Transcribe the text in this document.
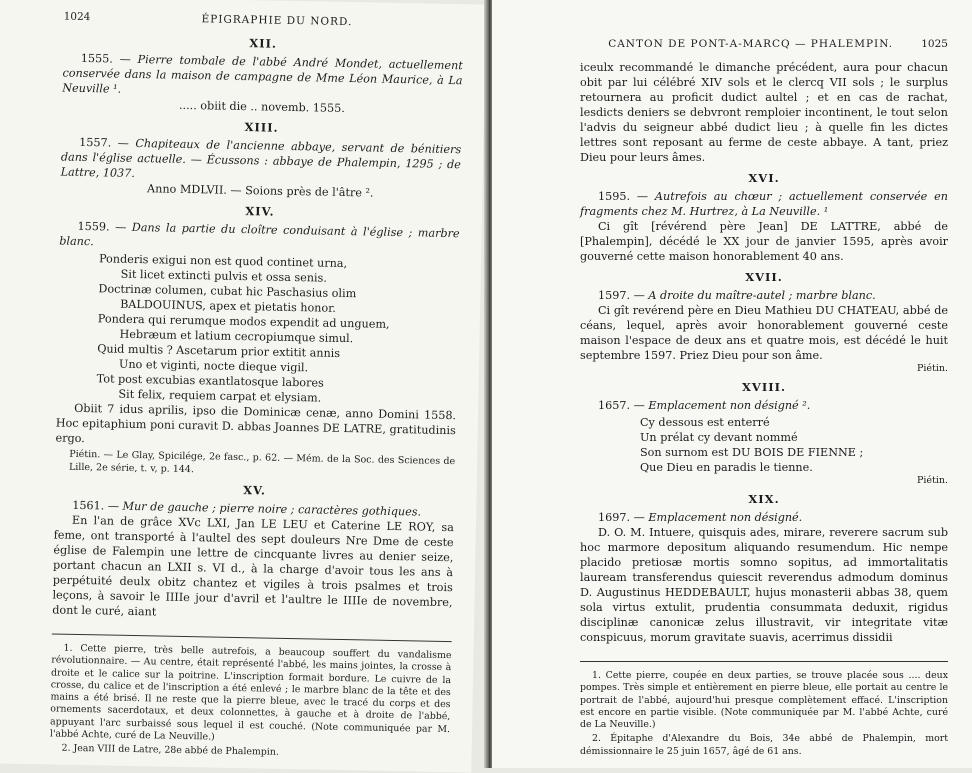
1024	ÉPIGRAPHIE DU NORD.
XII.

1555. — Pierre tombale de l'abbé André Mondet, actuellement conservée dans la maison de campagne de Mme Léon Maurice, à La Neuville ¹.

..... obiit die .. novemb. 1555.

XIII.

1557. — Chapiteaux de l'ancienne abbaye, servant de bénitiers dans l'église actuelle. — Écussons : abbaye de Phalempin, 1295 ; de Lattre, 1037.

Anno MDLVII. — Soions près de l'âtre ².

XIV.

1559. — Dans la partie du cloître conduisant à l'église ; marbre blanc.

Ponderis exigui non est quod continet urna,
Sit licet extincti pulvis et ossa senis.
Doctrinæ columen, cubat hic Paschasius olim
BALDOUINUS, apex et pietatis honor.
Pondera qui rerumque modos expendit ad unguem,
Hebræum et latium cecropiumque simul.
Quid multis ? Ascetarum prior extitit annis
Uno et viginti, nocte dieque vigil.
Tot post excubias exantlatosque labores
Sit felix, requiem carpat et elysiam.

Obiit 7 idus aprilis, ipso die Dominicæ cenæ, anno Domini 1558. Hoc epitaphium poni curavit D. abbas Joannes DE LATRE, gratitudinis ergo.

Piétin. — Le Glay, Spicilége, 2e fasc., p. 62. — Mém. de la Soc. des Sciences de Lille, 2e série, t. v, p. 144.

XV.

1561. — Mur de gauche ; pierre noire ; caractères gothiques.

En l'an de grâce XVc LXI, Jan LE LEU et Caterine LE ROY, sa feme, ont transporté à l'aultel des sept douleurs Nre Dme de ceste église de Falempin une lettre de cincquante livres au denier seize, portant chacun an LXII s. VI d., à la charge d'avoir tous les ans à perpétuité deulx obitz chantez et vigiles à trois psalmes et trois leçons, à savoir le IIIIe jour d'avril et l'aultre le IIIIe de novembre, dont le curé, aiant

1. Cette pierre, très belle autrefois, a beaucoup souffert du vandalisme révolutionnaire. — Au centre, était représenté l'abbé, les mains jointes, la crosse à droite et le calice sur la poitrine. L'inscription formait bordure. Le cuivre de la crosse, du calice et de l'inscription a été enlevé ; le marbre blanc de la tête et des mains a été brisé. Il ne reste que la pierre bleue, avec le tracé du corps et des ornements sacerdotaux, et deux colonnettes, à gauche et à droite de l'abbé, appuyant l'arc surbaissé sous lequel il est couché. (Note communiquée par M. l'abbé Achte, curé de La Neuville.)

2. Jean VIII de Latre, 28e abbé de Phalempin.

CANTON DE PONT-A-MARCQ — PHALEMPIN.	1025

iceulx recommandé le dimanche précédent, aura pour chacun obit par lui célébré XIV sols et le clercq VII sols ; le surplus retournera au proficit dudict aultel ; et en cas de rachat, lesdicts deniers se debvront remploier incontinent, le tout selon l'advis du seigneur abbé dudict lieu ; à quelle fin les dictes lettres sont reposant au ferme de ceste abbaye. A tant, priez Dieu pour leurs âmes.

XVI.

1595. — Autrefois au chœur ; actuellement conservée en fragments chez M. Hurtrez, à La Neuville. ¹

Ci gît [révérend père Jean] DE LATTRE, abbé de [Phalempin], décédé le XX jour de janvier 1595, après avoir gouverné cette maison honorablement 40 ans.

XVII.

1597. — A droite du maître-autel ; marbre blanc.

Ci gît revérend père en Dieu Mathieu DU CHATEAU, abbé de céans, lequel, après avoir honorablement gouverné ceste maison l'espace de deux ans et quatre mois, est décédé le huit septembre 1597. Priez Dieu pour son âme.

Piétin.

XVIII.

1657. — Emplacement non désigné ².

Cy dessous est enterré
Un prélat cy devant nommé
Son surnom est DU BOIS DE FIENNE ;
Que Dieu en paradis le tienne.

Piétin.

XIX.

1697. — Emplacement non désigné.

D. O. M. Intuere, quisquis ades, mirare, reverere sacrum sub hoc marmore depositum aliquando resumendum. Hic nempe placido pretiosæ mortis somno sopitus, ad immortalitatis lauream transferendus quiescit reverendus admodum dominus D. Augustinus HEDDEBAULT, hujus monasterii abbas 38, quem sola virtus extulit, prudentia consummata deduxit, rigidus disciplinæ canonicæ zelus illustravit, vir integritate vitæ conspicuus, morum gravitate suavis, acerrimus dissidii

1. Cette pierre, coupée en deux parties, se trouve placée sous .... deux pompes. Très simple et entièrement en pierre bleue, elle portait au centre le portrait de l'abbé, aujourd'hui presque complètement effacé. L'inscription est encore en partie visible. (Note communiquée par M. l'abbé Achte, curé de La Neuville.)

2. Épitaphe d'Alexandre du Bois, 34e abbé de Phalempin, mort démissionnaire le 25 juin 1657, âgé de 61 ans.
